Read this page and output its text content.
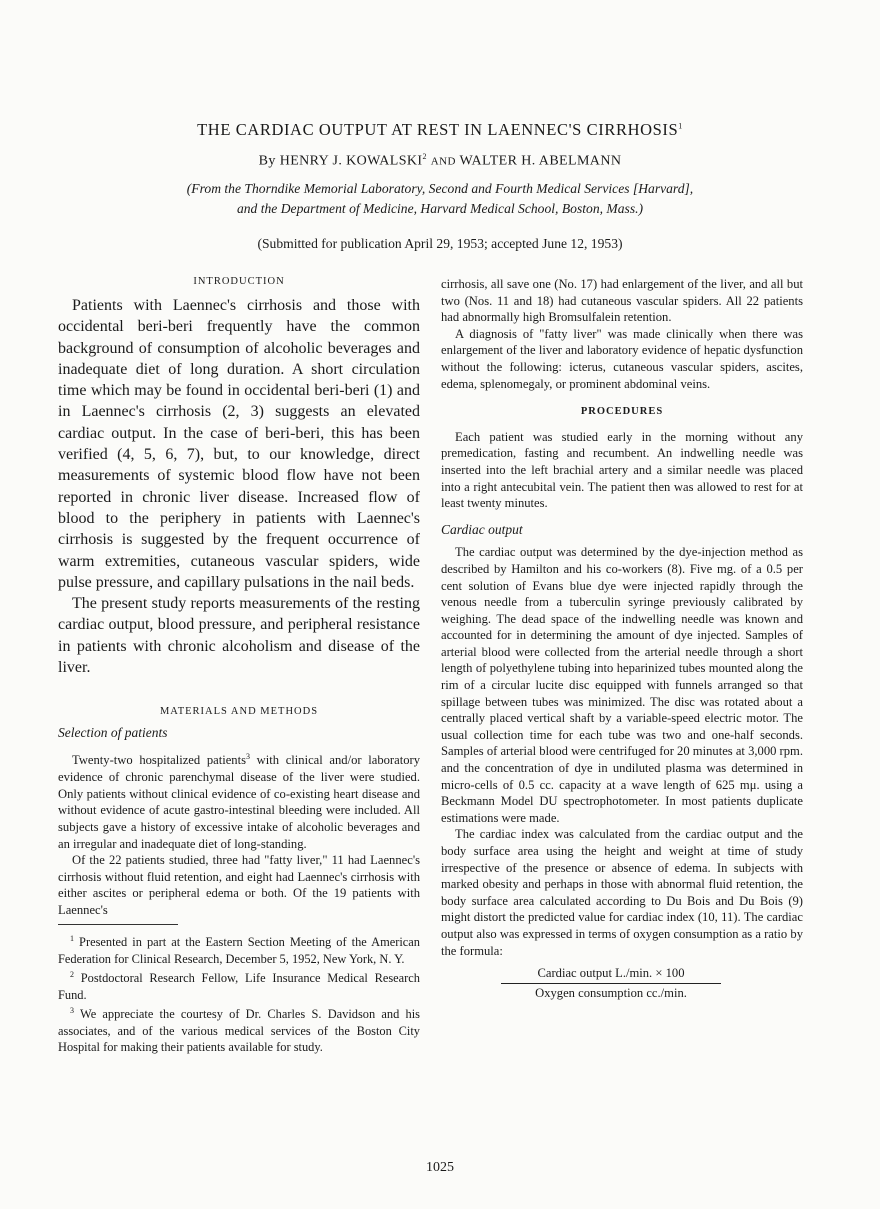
THE CARDIAC OUTPUT AT REST IN LAENNEC'S CIRRHOSIS$^1$
By HENRY J. KOWALSKI$^2$ AND WALTER H. ABELMANN
(From the Thorndike Memorial Laboratory, Second and Fourth Medical Services [Harvard],
and the Department of Medicine, Harvard Medical School, Boston, Mass.)
(Submitted for publication April 29, 1953; accepted June 12, 1953)
INTRODUCTION

Patients with Laennec's cirrhosis and those with occidental beri-beri frequently have the common background of consumption of alcoholic beverages and inadequate diet of long duration. A short circulation time which may be found in occidental beri-beri (1) and in Laennec's cirrhosis (2, 3) suggests an elevated cardiac output. In the case of beri-beri, this has been verified (4, 5, 6, 7), but, to our knowledge, direct measurements of systemic blood flow have not been reported in chronic liver disease. Increased flow of blood to the periphery in patients with Laennec's cirrhosis is suggested by the frequent occurrence of warm extremities, cutaneous vascular spiders, wide pulse pressure, and capillary pulsations in the nail beds.

The present study reports measurements of the resting cardiac output, blood pressure, and peripheral resistance in patients with chronic alcoholism and disease of the liver.

MATERIALS AND METHODS
Selection of patients

Twenty-two hospitalized patients$^3$ with clinical and/or laboratory evidence of chronic parenchymal disease of the liver were studied. Only patients without clinical evidence of co-existing heart disease and without evidence of acute gastro-intestinal bleeding were included. All subjects gave a history of excessive intake of alcoholic beverages and an irregular and inadequate diet of long-standing.

Of the 22 patients studied, three had "fatty liver," 11 had Laennec's cirrhosis without fluid retention, and eight had Laennec's cirrhosis with either ascites or peripheral edema or both. Of the 19 patients with Laennec's

$^1$ Presented in part at the Eastern Section Meeting of the American Federation for Clinical Research, December 5, 1952, New York, N. Y.

$^2$ Postdoctoral Research Fellow, Life Insurance Medical Research Fund.

$^3$ We appreciate the courtesy of Dr. Charles S. Davidson and his associates, and of the various medical services of the Boston City Hospital for making their patients available for study.

cirrhosis, all save one (No. 17) had enlargement of the liver, and all but two (Nos. 11 and 18) had cutaneous vascular spiders. All 22 patients had abnormally high Bromsulfalein retention.

A diagnosis of "fatty liver" was made clinically when there was enlargement of the liver and laboratory evidence of hepatic dysfunction without the following: icterus, cutaneous vascular spiders, ascites, edema, splenomegaly, or prominent abdominal veins.

PROCEDURES

Each patient was studied early in the morning without any premedication, fasting and recumbent. An indwelling needle was inserted into the left brachial artery and a similar needle was placed into a right antecubital vein. The patient then was allowed to rest for at least twenty minutes.

Cardiac output

The cardiac output was determined by the dye-injection method as described by Hamilton and his co-workers (8). Five mg. of a 0.5 per cent solution of Evans blue dye were injected rapidly through the venous needle from a tuberculin syringe previously calibrated by weighing. The dead space of the indwelling needle was known and accounted for in determining the amount of dye injected. Samples of arterial blood were collected from the arterial needle through a short length of polyethylene tubing into heparinized tubes mounted along the rim of a circular lucite disc equipped with funnels arranged so that spillage between tubes was minimized. The disc was rotated about a centrally placed vertical shaft by a variable-speed electric motor. The usual collection time for each tube was two and one-half seconds. Samples of arterial blood were centrifuged for 20 minutes at 3,000 rpm. and the concentration of dye in undiluted plasma was determined in micro-cells of 0.5 cc. capacity at a wave length of 625 mμ. using a Beckmann Model DU spectrophotometer. In most patients duplicate estimations were made.

The cardiac index was calculated from the cardiac output and the body surface area using the height and weight at time of study irrespective of the presence or absence of edema. In subjects with marked obesity and perhaps in those with abnormal fluid retention, the body surface area calculated according to Du Bois and Du Bois (9) might distort the predicted value for cardiac index (10, 11). The cardiac output also was expressed in terms of oxygen consumption as a ratio by the formula:

Cardiac output L./min. × 100
Oxygen consumption cc./min.
1025
